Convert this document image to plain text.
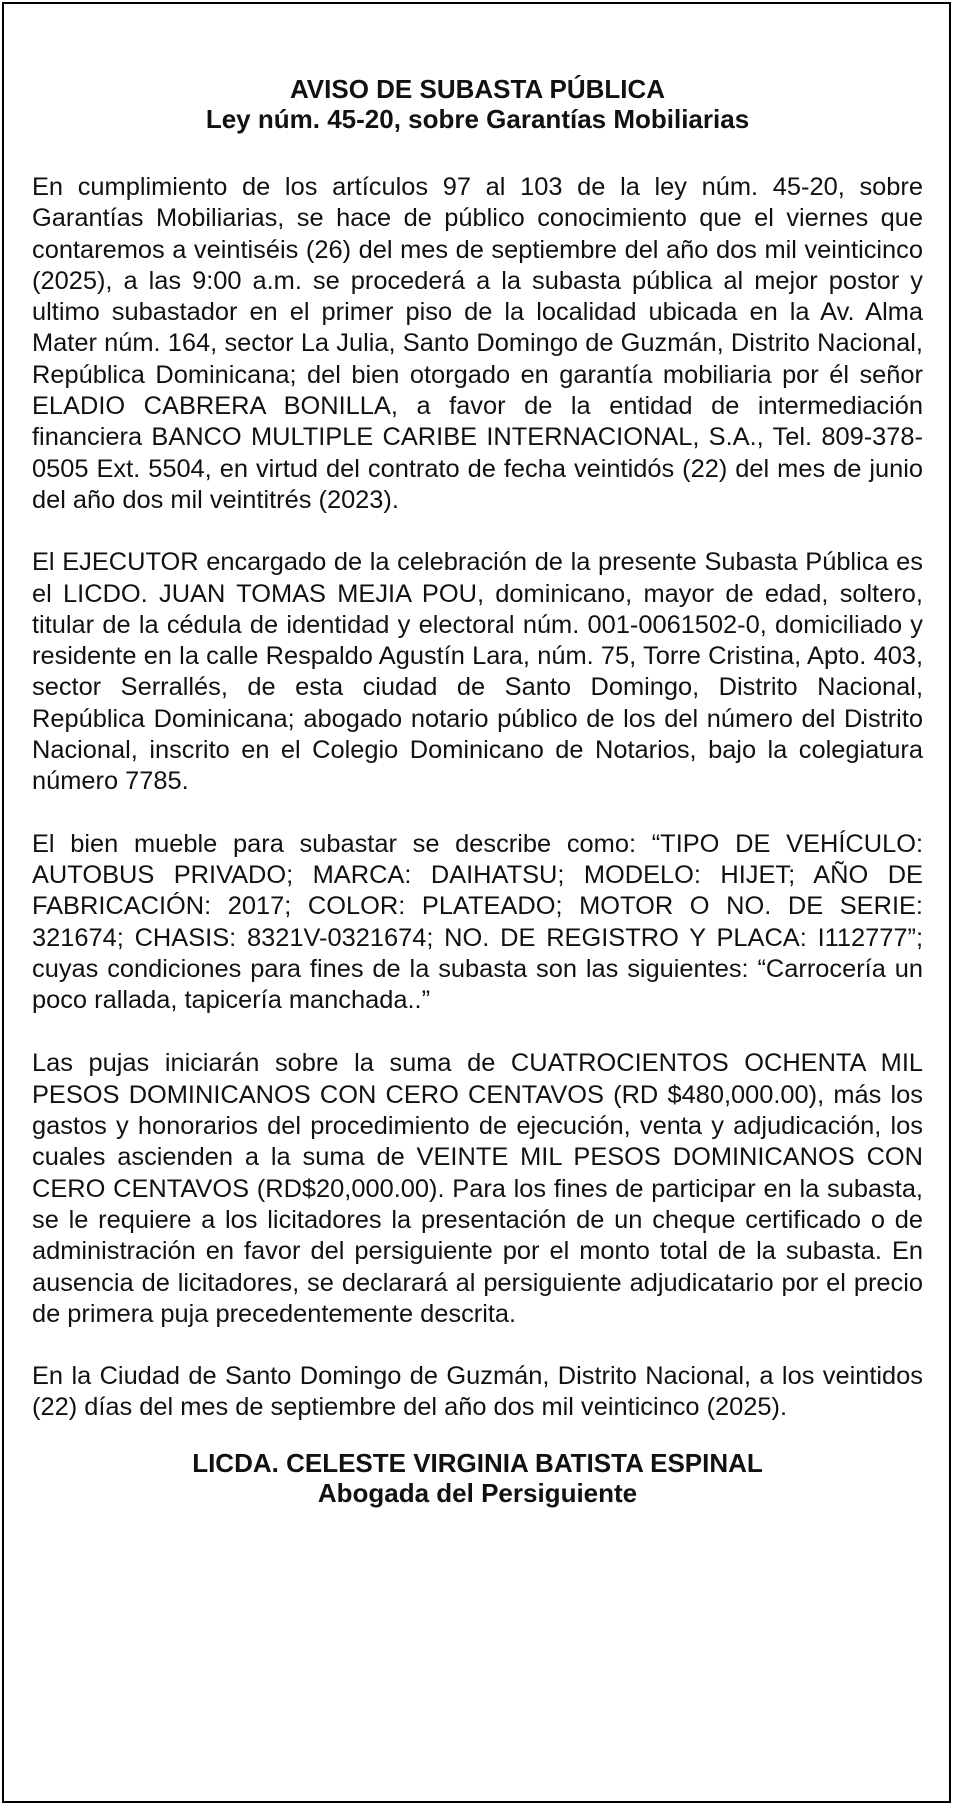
AVISO DE SUBASTA PÚBLICA
Ley núm. 45-20, sobre Garantías Mobiliarias

En cumplimiento de los artículos 97 al 103 de la ley núm. 45-20, sobre Garantías Mobiliarias, se hace de público conocimiento que el viernes que contaremos a veintiséis (26) del mes de septiembre del año dos mil veinticinco (2025), a las 9:00 a.m. se procederá a la subasta pública al mejor postor y ultimo subastador en el primer piso de la localidad ubicada en la Av. Alma Mater núm. 164, sector La Julia, Santo Domingo de Guzmán, Distrito Nacional, República Dominicana; del bien otorgado en garantía mobiliaria por él señor ELADIO CABRERA BONILLA, a favor de la entidad de intermediación financiera BANCO MULTIPLE CARIBE INTERNACIONAL, S.A., Tel. 809-378-0505 Ext. 5504, en virtud del contrato de fecha veintidós (22) del mes de junio del año dos mil veintitrés (2023).

El EJECUTOR encargado de la celebración de la presente Subasta Pública es el LICDO. JUAN TOMAS MEJIA POU, dominicano, mayor de edad, soltero, titular de la cédula de identidad y electoral núm. 001-0061502-0, domiciliado y residente en la calle Respaldo Agustín Lara, núm. 75, Torre Cristina, Apto. 403, sector Serrallés, de esta ciudad de Santo Domingo, Distrito Nacional, República Dominicana; abogado notario público de los del número del Distrito Nacional, inscrito en el Colegio Dominicano de Notarios, bajo la colegiatura número 7785.

El bien mueble para subastar se describe como: “TIPO DE VEHÍCULO: AUTOBUS PRIVADO; MARCA: DAIHATSU; MODELO: HIJET; AÑO DE FABRICACIÓN: 2017; COLOR: PLATEADO; MOTOR O NO. DE SERIE: 321674; CHASIS: 8321V-0321674; NO. DE REGISTRO Y PLACA: I112777”; cuyas condiciones para fines de la subasta son las siguientes: “Carrocería un poco rallada, tapicería manchada..”

Las pujas iniciarán sobre la suma de CUATROCIENTOS OCHENTA MIL PESOS DOMINICANOS CON CERO CENTAVOS (RD $480,000.00), más los gastos y honorarios del procedimiento de ejecución, venta y adjudicación, los cuales ascienden a la suma de VEINTE MIL PESOS DOMINICANOS CON CERO CENTAVOS (RD$20,000.00). Para los fines de participar en la subasta, se le requiere a los licitadores la presentación de un cheque certificado o de administración en favor del persiguiente por el monto total de la subasta. En ausencia de licitadores, se declarará al persiguiente adjudicatario por el precio de primera puja precedentemente descrita.

En la Ciudad de Santo Domingo de Guzmán, Distrito Nacional, a los veintidos (22) días del mes de septiembre del año dos mil veinticinco (2025).

LICDA. CELESTE VIRGINIA BATISTA ESPINAL
Abogada del Persiguiente
